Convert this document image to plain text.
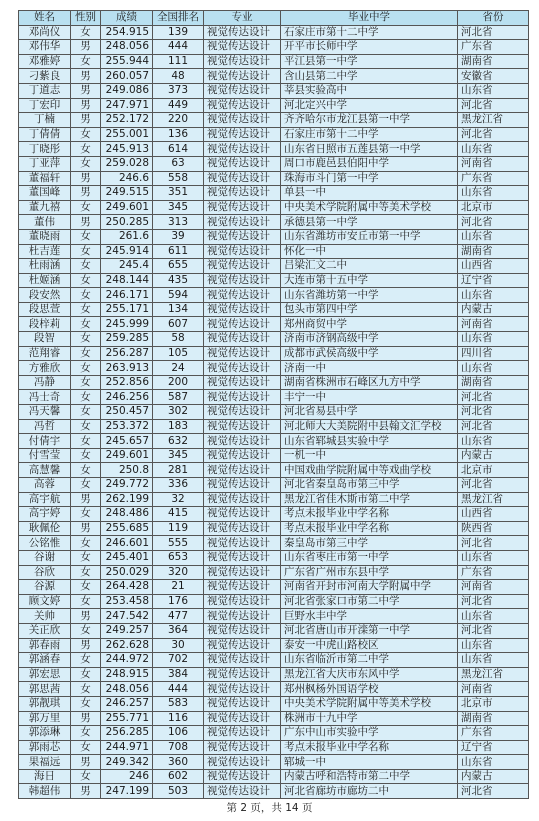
姓名	性别	成绩	全国排名	专业	毕业中学	省份
邓尚仪	女	254.915	139	视觉传达设计	石家庄市第十二中学	河北省
邓伟华	男	248.056	444	视觉传达设计	开平市长师中学	广东省
邓雅婷	女	255.944	111	视觉传达设计	平江县第一中学	湖南省
刁紫良	男	260.057	48	视觉传达设计	含山县第二中学	安徽省
丁道志	男	249.086	373	视觉传达设计	莘县实验高中	山东省
丁宏印	男	247.971	449	视觉传达设计	河北定兴中学	河北省
丁楠	男	252.172	220	视觉传达设计	齐齐哈尔市龙江县第一中学	黑龙江省
丁倩倩	女	255.001	136	视觉传达设计	石家庄市第十二中学	河北省
丁晓彤	女	245.913	614	视觉传达设计	山东省日照市五莲县第一中学	山东省
丁亚萍	女	259.028	63	视觉传达设计	周口市鹿邑县伯阳中学	河南省
董福轩	男	246.6	558	视觉传达设计	珠海市斗门第一中学	广东省
董国峰	男	249.515	351	视觉传达设计	单县一中	山东省
董九禧	女	249.601	345	视觉传达设计	中央美术学院附属中等美术学校	北京市
董伟	男	250.285	313	视觉传达设计	承德县第一中学	河北省
董晓雨	女	261.6	39	视觉传达设计	山东省潍坊市安丘市第一中学	山东省
杜吉莲	女	245.914	611	视觉传达设计	怀化一中	湖南省
杜雨涵	女	245.4	655	视觉传达设计	吕梁汇文二中	山西省
杜姬涵	女	248.144	435	视觉传达设计	大连市第十五中学	辽宁省
段安然	女	246.171	594	视觉传达设计	山东省潍坊第一中学	山东省
段思萱	女	255.171	134	视觉传达设计	包头市第四中学	内蒙古
段梓莉	女	245.999	607	视觉传达设计	郑州商贸中学	河南省
段智	女	259.285	58	视觉传达设计	济南市济钢高级中学	山东省
范翔睿	女	256.287	105	视觉传达设计	成都市武侯高级中学	四川省
方雅欣	女	263.913	24	视觉传达设计	济南一中	山东省
冯静	女	252.856	200	视觉传达设计	湖南省株洲市石峰区九方中学	湖南省
冯士奇	女	246.256	587	视觉传达设计	丰宁一中	河北省
冯天馨	女	250.457	302	视觉传达设计	河北省易县中学	河北省
冯哲	女	253.372	183	视觉传达设计	河北师大大美院附中县翰文汇学校	河北省
付倩宇	女	245.657	632	视觉传达设计	山东省郓城县实验中学	山东省
付雪莹	女	249.601	345	视觉传达设计	一机一中	内蒙古
高慧馨	女	250.8	281	视觉传达设计	中国戏曲学院附属中等戏曲学校	北京市
高蓉	女	249.772	336	视觉传达设计	河北省秦皇岛市第三中学	河北省
高宇航	男	262.199	32	视觉传达设计	黑龙江省佳木斯市第二中学	黑龙江省
高宇婷	女	248.486	415	视觉传达设计	考点未报毕业中学名称	山西省
耿佩伦	男	255.685	119	视觉传达设计	考点未报毕业中学名称	陕西省
公铭惟	女	246.601	555	视觉传达设计	秦皇岛市第三中学	河北省
谷谢	女	245.401	653	视觉传达设计	山东省枣庄市第一中学	山东省
谷欣	女	250.029	320	视觉传达设计	广东省广州市东县中学	广东省
谷源	女	264.428	21	视觉传达设计	河南省开封市河南大学附属中学	河南省
顾文婷	女	253.458	176	视觉传达设计	河北省张家口市第二中学	河北省
关帅	男	247.542	477	视觉传达设计	巨野水丰中学	山东省
关正欣	女	249.257	364	视觉传达设计	河北省唐山市开滦第一中学	河北省
郭春雨	男	262.628	30	视觉传达设计	泰安一中虎山路校区	山东省
郭涵春	女	244.972	702	视觉传达设计	山东省临沂市第二中学	山东省
郭宏思	女	248.915	384	视觉传达设计	黑龙江省大庆市东风中学	黑龙江省
郭思茜	女	248.056	444	视觉传达设计	郑州枫杨外国语学校	河南省
郭靓琪	女	246.257	583	视觉传达设计	中央美术学院附属中等美术学校	北京市
郭万里	男	255.771	116	视觉传达设计	株洲市十九中学	湖南省
郭添琳	女	256.285	106	视觉传达设计	广东中山市实验中学	广东省
郭雨芯	女	244.971	708	视觉传达设计	考点未报毕业中学名称	辽宁省
果福远	男	249.342	360	视觉传达设计	郓城一中	山东省
海日	女	246	602	视觉传达设计	内蒙古呼和浩特市第二中学	内蒙古
韩超伟	男	247.199	503	视觉传达设计	河北省廊坊市廊坊二中	河北省
第 2 页，共 14 页
